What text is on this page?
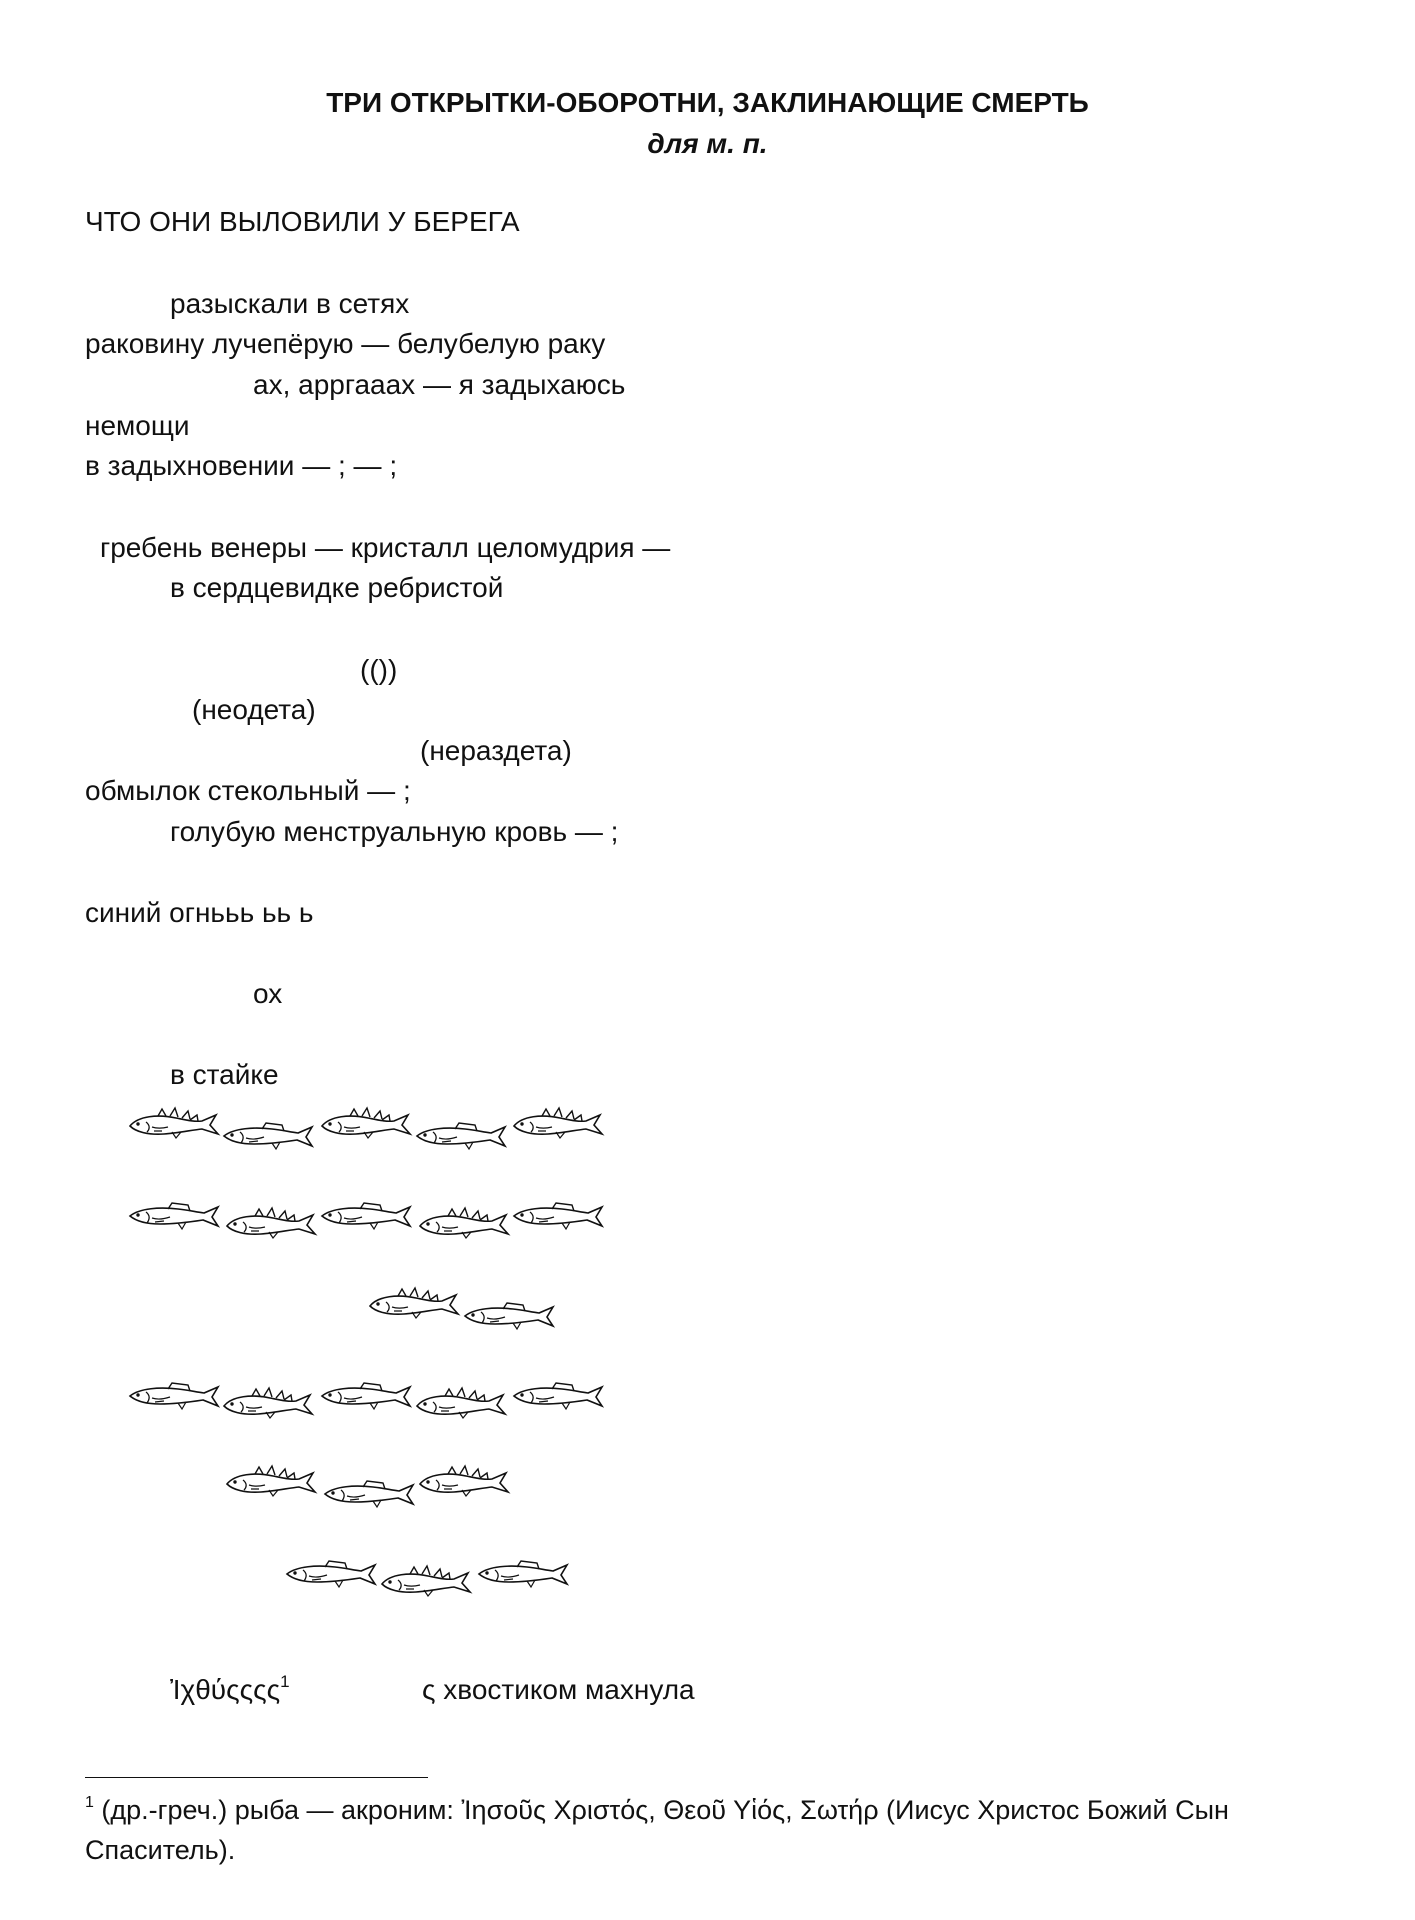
ТРИ ОТКРЫТКИ-ОБОРОТНИ, ЗАКЛИНАЮЩИЕ СМЕРТЬ
для м. п.
ЧТО ОНИ ВЫЛОВИЛИ У БЕРЕГА
разыскали в сетях
раковину лучепёрую — белубелую раку
ах, арргааах — я задыхаюсь
немощи
в задыхновении — ; — ;
гребень венеры — кристалл целомудрия —
в сердцевидке ребристой
(())
(неодета)
(нераздета)
обмылок стекольный — ;
голубую менструальную кровь — ;
синий огнььь ьь ь
ох
в стайке
Ἰχθύςςςς$^1$	ς хвостиком махнула
$^1$ (др.-греч.) рыба — акроним: Ἰησοῦς Χριστός, Θεοῦ Υἱός, Σωτήρ (Иисус Христос Божий Сын Спаситель).
